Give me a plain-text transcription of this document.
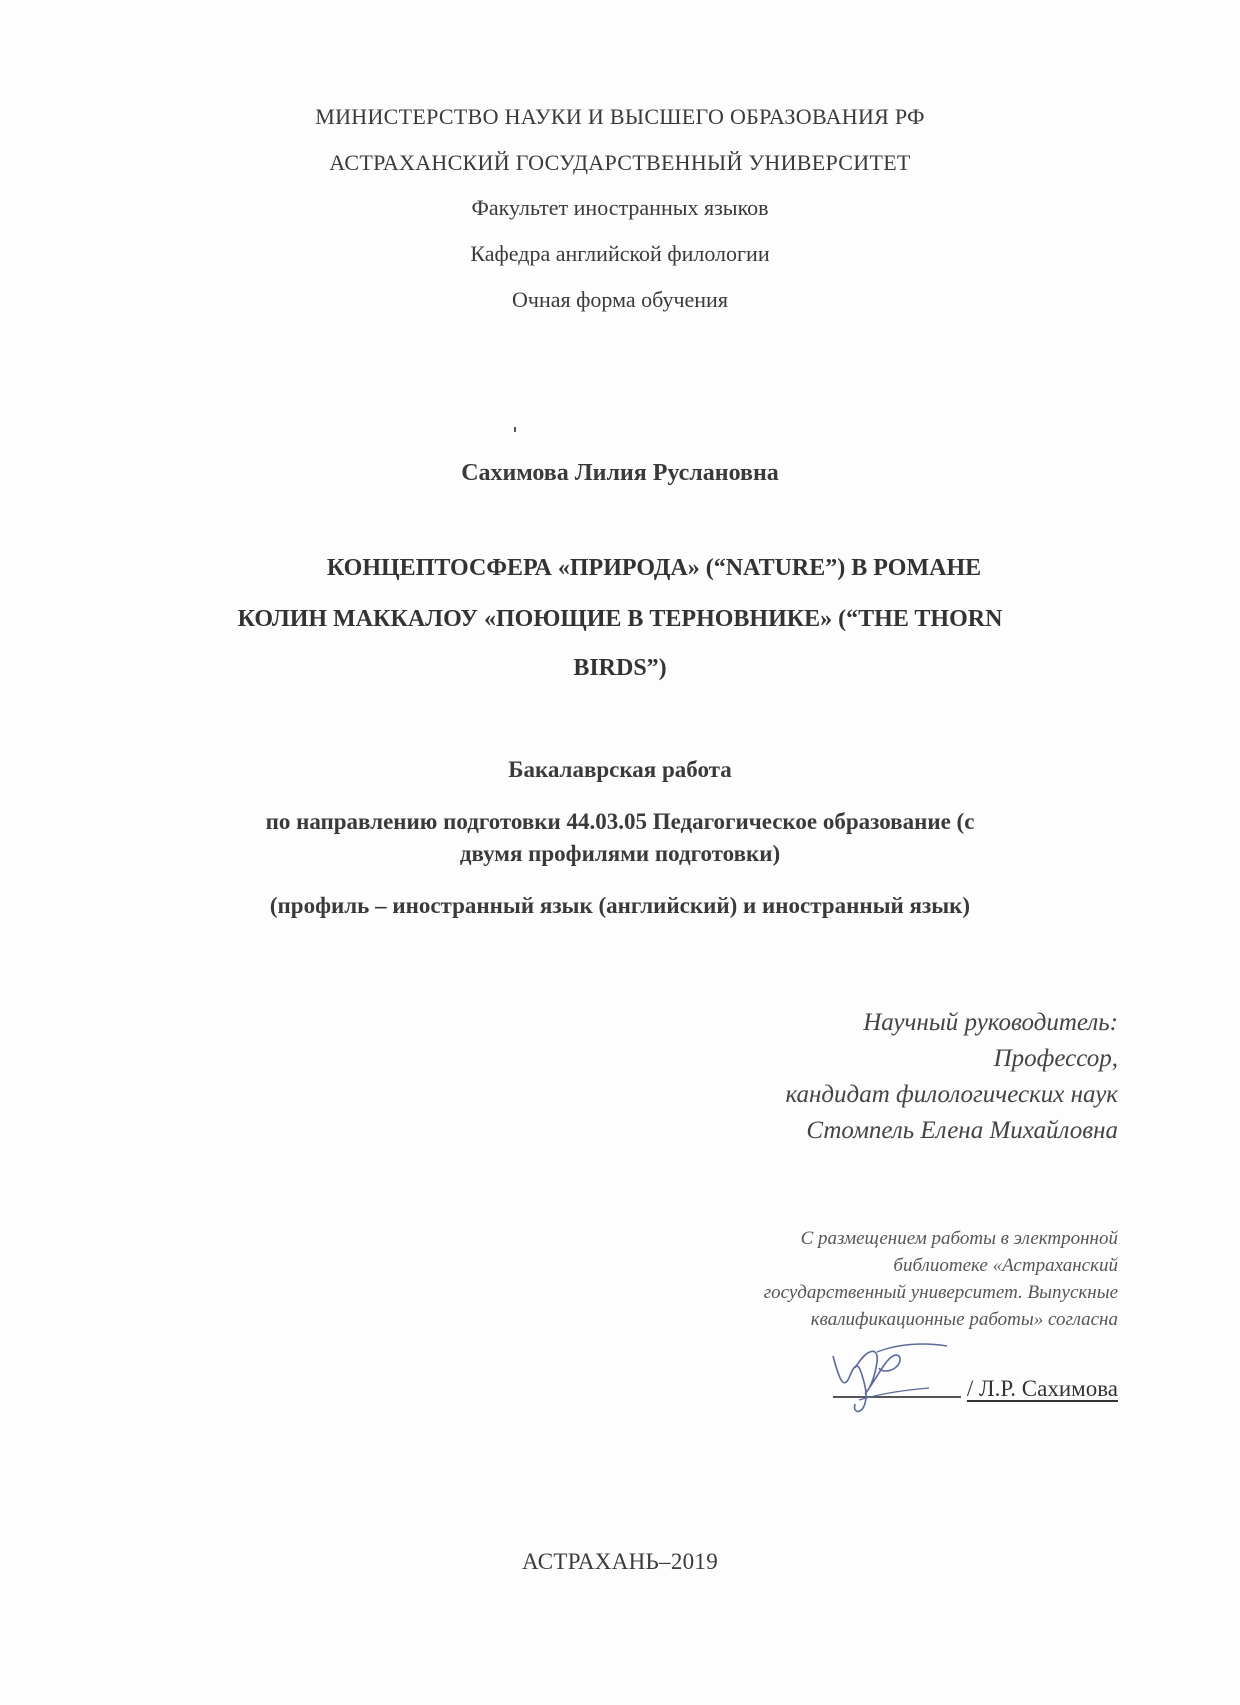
МИНИСТЕРСТВО НАУКИ И ВЫСШЕГО ОБРАЗОВАНИЯ РФ
АСТРАХАНСКИЙ ГОСУДАРСТВЕННЫЙ УНИВЕРСИТЕТ
Факультет иностранных языков
Кафедра английской филологии
Очная форма обучения
Сахимова Лилия Руслановна
КОНЦЕПТОСФЕРА «ПРИРОДА» (“NATURE”) В РОМАНЕ
КОЛИН МАККАЛОУ «ПОЮЩИЕ В ТЕРНОВНИКЕ» (“THE THORN
BIRDS”)
Бакалаврская работа
по направлению подготовки 44.03.05 Педагогическое образование (с
двумя профилями подготовки)
(профиль – иностранный язык (английский) и иностранный язык)
Научный руководитель:
Профессор,
кандидат филологических наук
Стомпель Елена Михайловна
С размещением работы в электронной
библиотеке «Астраханский
государственный университет. Выпускные
квалификационные работы» согласна
/ Л.Р. Сахимова
АСТРАХАНЬ–2019
